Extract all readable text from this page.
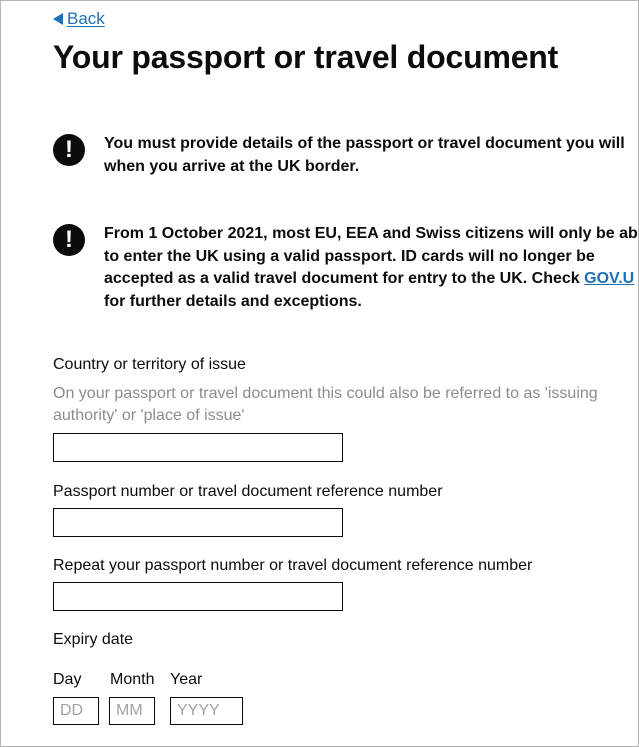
Back
Your passport or travel document
!	You must provide details of the passport or travel document you will
when you arrive at the UK border.
!	From 1 October 2021, most EU, EEA and Swiss citizens will only be ab
to enter the UK using a valid passport. ID cards will no longer be
accepted as a valid travel document for entry to the UK. Check GOV.U
for further details and exceptions.
Country or territory of issue
On your passport or travel document this could also be referred to as 'issuing authority' or 'place of issue'
Passport number or travel document reference number
Repeat your passport number or travel document reference number
Expiry date
Day Month Year
DD
MM
YYYY
